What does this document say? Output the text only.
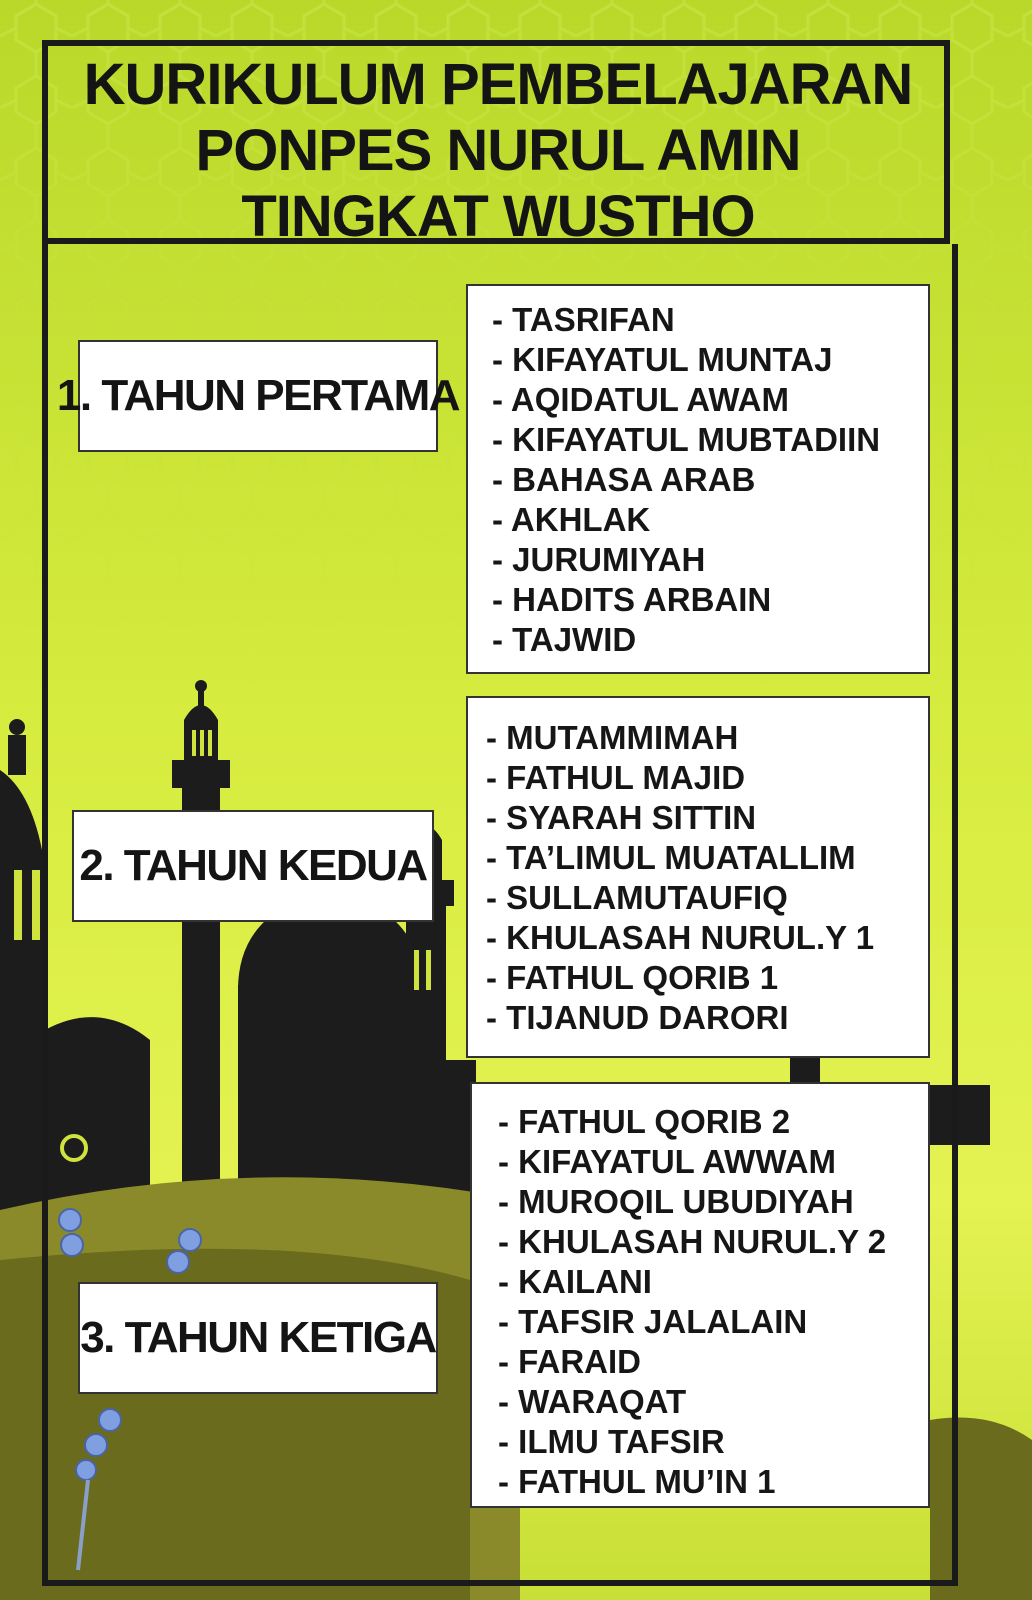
KURIKULUM PEMBELAJARAN
PONPES NURUL AMIN
TINGKAT WUSTHO
1. TAHUN PERTAMA
- TASRIFAN
- KIFAYATUL MUNTAJ
- AQIDATUL AWAM
- KIFAYATUL MUBTADIIN
- BAHASA ARAB
- AKHLAK
- JURUMIYAH
- HADITS ARBAIN
- TAJWID
2. TAHUN KEDUA
- MUTAMMIMAH
- FATHUL MAJID
- SYARAH SITTIN
- TA’LIMUL MUATALLIM
- SULLAMUTAUFIQ
- KHULASAH NURUL.Y 1
- FATHUL QORIB 1
- TIJANUD DARORI
3. TAHUN KETIGA
- FATHUL QORIB 2
- KIFAYATUL AWWAM
- MUROQIL UBUDIYAH
- KHULASAH NURUL.Y 2
- KAILANI
- TAFSIR JALALAIN
- FARAID
- WARAQAT
- ILMU TAFSIR
- FATHUL MU’IN 1
